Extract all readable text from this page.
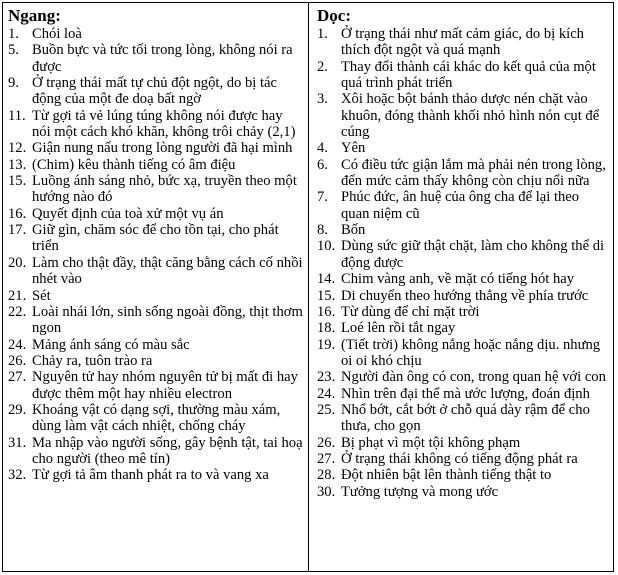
Ngang:
1. Chói loà
5. Buồn bực và tức tối trong lòng, không nói ra được
9. Ở trạng thái mất tự chủ đột ngột, do bị tác động của một đe doạ bất ngờ
11. Từ gợi tả vẻ lúng túng không nói được hay nói một cách khó khăn, không trôi chảy (2,1)
12. Giận nung nấu trong lòng người đã hại mình
13. (Chim) kêu thành tiếng có âm điệu
15. Luồng ánh sáng nhỏ, bức xạ, truyền theo một hướng nào đó
16. Quyết định của toà xử một vụ án
17. Giữ gìn, chăm sóc để cho tồn tại, cho phát triển
20. Làm cho thật đầy, thật căng bằng cách cố nhồi nhét vào
21. Sét
22. Loài nhái lớn, sinh sống ngoài đồng, thịt thơm ngon
24. Mảng ánh sáng có màu sắc
26. Chảy ra, tuôn trào ra
27. Nguyên tử hay nhóm nguyên tử bị mất đi hay được thêm một hay nhiều electron
29. Khoáng vật có dạng sợi, thường màu xám, dùng làm vật cách nhiệt, chống cháy
31. Ma nhập vào người sống, gây bệnh tật, tai hoạ cho người (theo mê tín)
32. Từ gợi tả âm thanh phát ra to và vang xa
Dọc:
1. Ở trạng thái như mất cảm giác, do bị kích thích đột ngột và quá mạnh
2. Thay đổi thành cái khác do kết quả của một quá trình phát triển
3. Xôi hoặc bột bánh thảo dược nén chặt vào khuôn, đóng thành khối nhỏ hình nón cụt để cúng
4. Yên
6. Có điều tức giận lắm mà phải nén trong lòng, đến mức cảm thấy không còn chịu nổi nữa
7. Phúc đức, ân huệ của ông cha để lại theo quan niệm cũ
8. Bốn
10. Dùng sức giữ thật chặt, làm cho không thể di động được
14. Chim vàng anh, về mặt có tiếng hót hay
15. Di chuyển theo hướng thẳng về phía trước
16. Từ dùng để chỉ mặt trời
18. Loé lên rồi tắt ngay
19. (Tiết trời) không nắng hoặc nắng dịu. nhưng oi oi khó chịu
23. Người đàn ông có con, trong quan hệ với con
24. Nhìn trên đại thể mà ước lượng, đoán định
25. Nhổ bớt, cắt bớt ở chỗ quá dày rậm để cho thưa, cho gọn
26. Bị phạt vì một tội không phạm
27. Ở trạng thái không có tiếng động phát ra
28. Đột nhiên bật lên thành tiếng thật to
30. Tưởng tượng và mong ước
